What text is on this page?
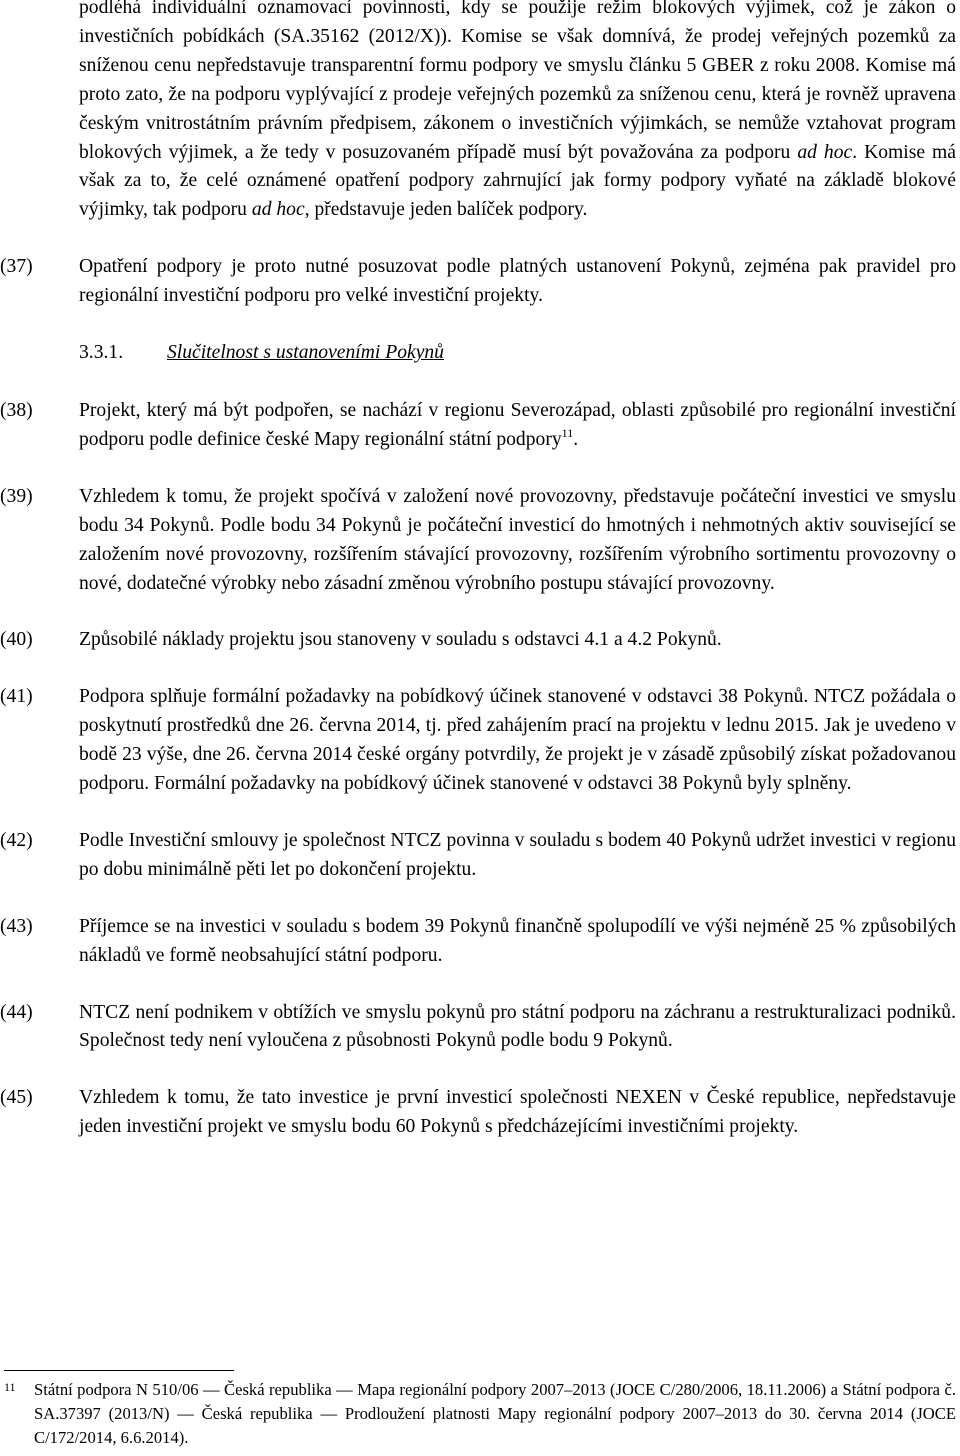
podléhá individuální oznamovací povinnosti, kdy se použije režim blokových výjimek, což je zákon o investičních pobídkách (SA.35162 (2012/X)). Komise se však domnívá, že prodej veřejných pozemků za sníženou cenu nepředstavuje transparentní formu podpory ve smyslu článku 5 GBER z roku 2008. Komise má proto zato, že na podporu vyplývající z prodeje veřejných pozemků za sníženou cenu, která je rovněž upravena českým vnitrostátním právním předpisem, zákonem o investičních výjimkách, se nemůže vztahovat program blokových výjimek, a že tedy v posuzovaném případě musí být považována za podporu ad hoc. Komise má však za to, že celé oznámené opatření podpory zahrnující jak formy podpory vyňaté na základě blokové výjimky, tak podporu ad hoc, představuje jeden balíček podpory.

(37)	Opatření podpory je proto nutné posuzovat podle platných ustanovení Pokynů, zejména pak pravidel pro regionální investiční podporu pro velké investiční projekty.
3.3.1. Slučitelnost s ustanoveními Pokynů
(38)	Projekt, který má být podpořen, se nachází v regionu Severozápad, oblasti způsobilé pro regionální investiční podporu podle definice české Mapy regionální státní podpory$^{11}$.
(39)	Vzhledem k tomu, že projekt spočívá v založení nové provozovny, představuje počáteční investici ve smyslu bodu 34 Pokynů. Podle bodu 34 Pokynů je počáteční investicí do hmotných i nehmotných aktiv související se založením nové provozovny, rozšířením stávající provozovny, rozšířením výrobního sortimentu provozovny o nové, dodatečné výrobky nebo zásadní změnou výrobního postupu stávající provozovny.
(40)	Způsobilé náklady projektu jsou stanoveny v souladu s odstavci 4.1 a 4.2 Pokynů.
(41)	Podpora splňuje formální požadavky na pobídkový účinek stanovené v odstavci 38 Pokynů. NTCZ požádala o poskytnutí prostředků dne 26. června 2014, tj. před zahájením prací na projektu v lednu 2015. Jak je uvedeno v bodě 23 výše, dne 26. června 2014 české orgány potvrdily, že projekt je v zásadě způsobilý získat požadovanou podporu. Formální požadavky na pobídkový účinek stanovené v odstavci 38 Pokynů byly splněny.
(42)	Podle Investiční smlouvy je společnost NTCZ povinna v souladu s bodem 40 Pokynů udržet investici v regionu po dobu minimálně pěti let po dokončení projektu.
(43)	Příjemce se na investici v souladu s bodem 39 Pokynů finančně spolupodílí ve výši nejméně 25 % způsobilých nákladů ve formě neobsahující státní podporu.
(44)	NTCZ není podnikem v obtížích ve smyslu pokynů pro státní podporu na záchranu a restrukturalizaci podniků. Společnost tedy není vyloučena z působnosti Pokynů podle bodu 9 Pokynů.
(45)	Vzhledem k tomu, že tato investice je první investicí společnosti NEXEN v České republice, nepředstavuje jeden investiční projekt ve smyslu bodu 60 Pokynů s předcházejícími investičními projekty.
11	Státní podpora N 510/06 — Česká republika — Mapa regionální podpory 2007–2013 (JOCE C/280/2006, 18.11.2006) a Státní podpora č. SA.37397 (2013/N) — Česká republika — Prodloužení platnosti Mapy regionální podpory 2007–2013 do 30. června 2014 (JOCE C/172/2014, 6.6.2014).
